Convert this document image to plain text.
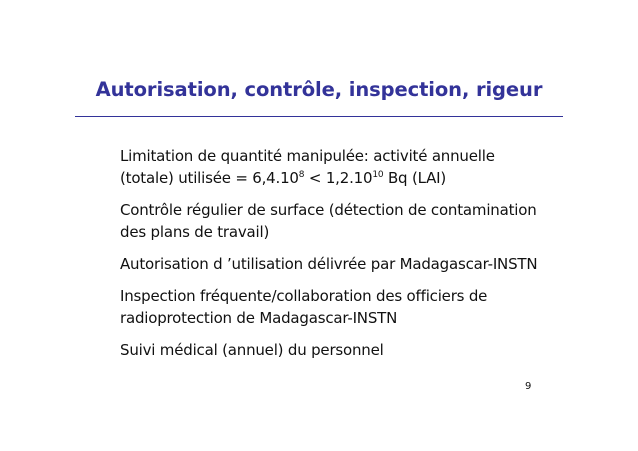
Autorisation, contrôle, inspection, rigeur
Limitation de quantité manipulée: activité annuelle
(totale) utilisée = $6,4.10^8 < 1,2.10^{10}$ Bq (LAI)
Contrôle régulier de surface (détection de contamination
des plans de travail)
Autorisation d ’utilisation délivrée par Madagascar-INSTN
Inspection fréquente/collaboration des officiers de
radioprotection de Madagascar-INSTN
Suivi médical (annuel) du personnel
9
